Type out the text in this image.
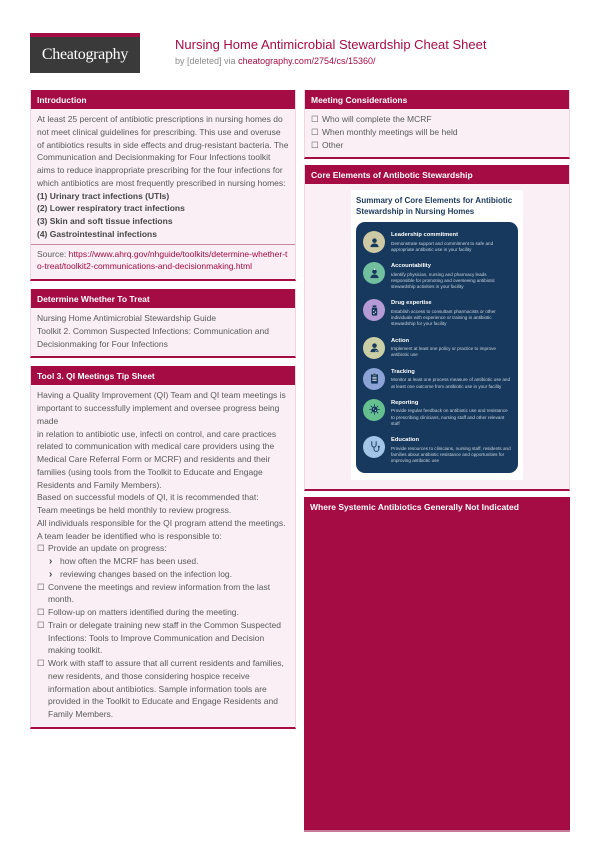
Cheatography
Nursing Home Antimicrobial Stewardship Cheat Sheet
by [deleted] via cheatography.com/2754/cs/15360/
Introduction
At least 25 percent of antibiotic prescriptions in nursing homes do not meet clinical guidelines for prescribing. This use and overuse of antibiotics results in side effects and drug-resistant bacteria. The Communication and Decisionmaking for Four Infections toolkit aims to reduce inappropriate prescribing for the four infections for which antibiotics are most frequently prescribed in nursing homes:
(1) Urinary tract infections (UTIs)
(2) Lower respiratory tract infections
(3) Skin and soft tissue infections
(4) Gastrointestinal infections
Source: https://www.ahrq.gov/nhguide/toolkits/determine-whether-to-treat/toolkit2-communications-and-decisionmaking.html
Determine Whether To Treat
Nursing Home Antimicrobial Stewardship Guide
Toolkit 2. Common Suspected Infections: Communication and Decisionmaking for Four Infections
Tool 3. QI Meetings Tip Sheet
Having a Quality Improvement (QI) Team and QI team meetings is important to successfully implement and oversee progress being made
in relation to antibiotic use, infecti on control, and care practices related to communication with medical care providers using the Medical Care Referral Form or MCRF) and residents and their families (using tools from the Toolkit to Educate and Engage Residents and Family Members).
Based on successful models of QI, it is recommended that:
Team meetings be held monthly to review progress.
All individuals responsible for the QI program attend the meetings.
A team leader be identified who is responsible to:
☐ Provide an update on progress:
› how often the MCRF has been used.
› reviewing changes based on the infection log.
☐ Convene the meetings and review information from the last month.
☐ Follow-up on matters identified during the meeting.
☐ Train or delegate training new staff in the Common Suspected Infections: Tools to Improve Communication and Decision making toolkit.
☐ Work with staff to assure that all current residents and families, new residents, and those considering hospice receive information about antibiotics. Sample information tools are provided in the Toolkit to Educate and Engage Residents and Family Members.
Meeting Considerations
☐ Who will complete the MCRF
☐ When monthly meetings will be held
☐ Other
Core Elements of Antibotic Stewardship
Summary of Core Elements for Antibiotic Stewardship in Nursing Homes
Leadership commitment
Demonstrate support and commitment to safe and appropriate antibiotic use in your facility
Accountability
Identify physician, nursing and pharmacy leads responsible for promoting and overseeing antibiotic stewardship activities in your facility
Drug expertise
Establish access to consultant pharmacists or other individuals with experience or training in antibiotic stewardship for your facility
Action
Implement at least one policy or practice to improve antibiotic use
Tracking
Monitor at least one process measure of antibiotic use and at least one outcome from antibiotic use in your facility
Reporting
Provide regular feedback on antibiotic use and resistance to prescribing clinicians, nursing staff and other relevant staff
Education
Provide resources to clinicians, nursing staff, residents and families about antibiotic resistance and opportunities for improving antibiotic use
Where Systemic Antibiotics Generally Not Indicated
